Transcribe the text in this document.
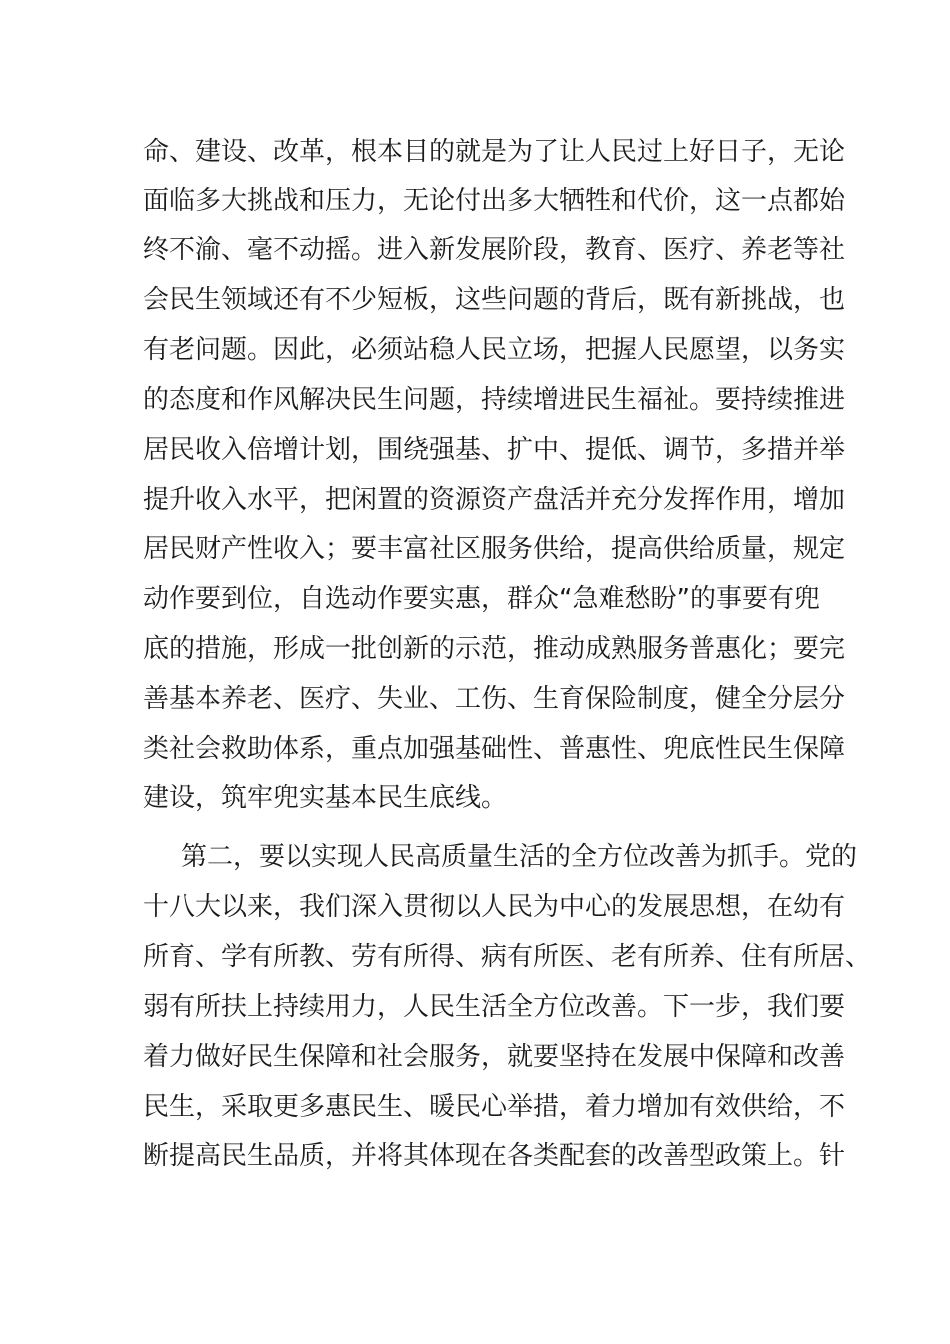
命、建设、改革，根本目的就是为了让人民过上好日子，无论
面临多大挑战和压力，无论付出多大牺牲和代价，这一点都始
终不渝、毫不动摇。进入新发展阶段，教育、医疗、养老等社
会民生领域还有不少短板，这些问题的背后，既有新挑战，也
有老问题。因此，必须站稳人民立场，把握人民愿望，以务实
的态度和作风解决民生问题，持续增进民生福祉。要持续推进
居民收入倍增计划，围绕强基、扩中、提低、调节，多措并举
提升收入水平，把闲置的资源资产盘活并充分发挥作用，增加
居民财产性收入；要丰富社区服务供给，提高供给质量，规定
动作要到位，自选动作要实惠，群众“急难愁盼”的事要有兜
底的措施，形成一批创新的示范，推动成熟服务普惠化；要完
善基本养老、医疗、失业、工伤、生育保险制度，健全分层分
类社会救助体系，重点加强基础性、普惠性、兜底性民生保障
建设，筑牢兜实基本民生底线。
第二，要以实现人民高质量生活的全方位改善为抓手。党的
十八大以来，我们深入贯彻以人民为中心的发展思想，在幼有
所育、学有所教、劳有所得、病有所医、老有所养、住有所居、
弱有所扶上持续用力，人民生活全方位改善。下一步，我们要
着力做好民生保障和社会服务，就要坚持在发展中保障和改善
民生，采取更多惠民生、暖民心举措，着力增加有效供给，不
断提高民生品质，并将其体现在各类配套的改善型政策上。针
